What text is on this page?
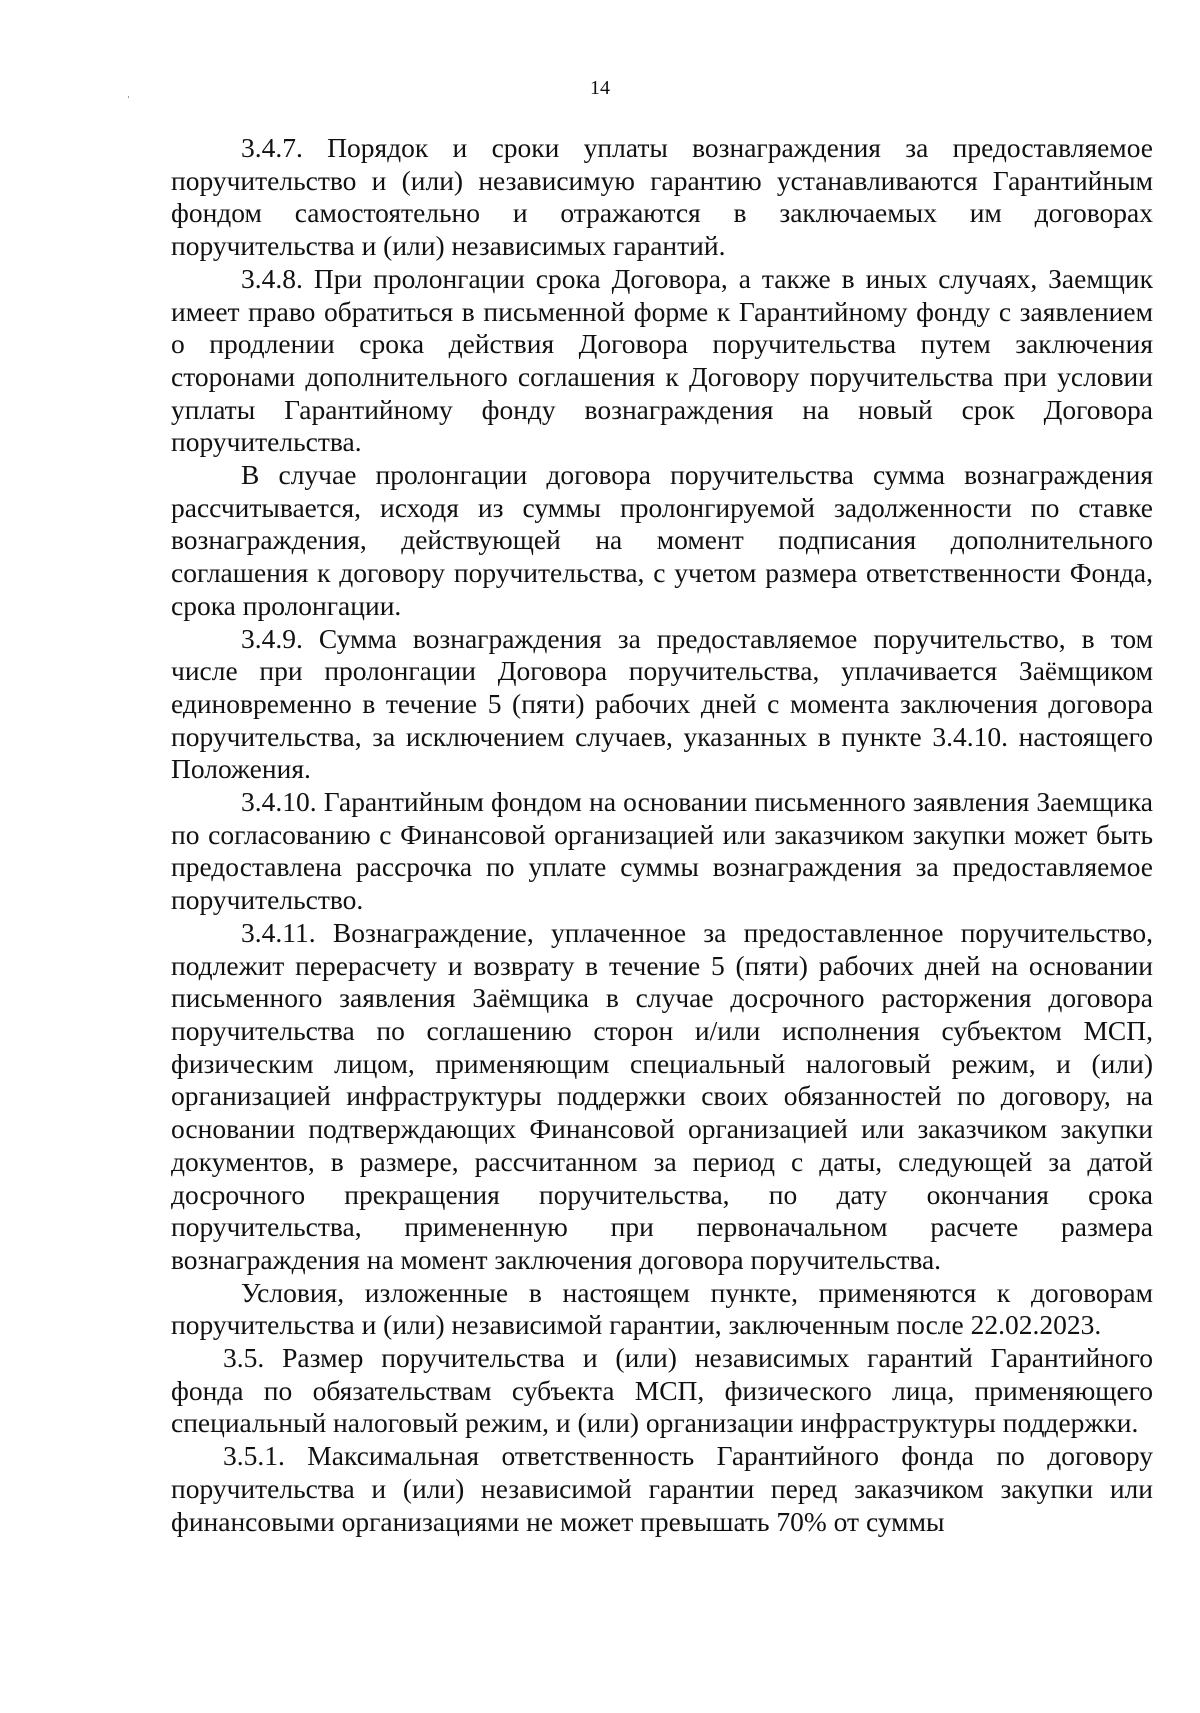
14

3.4.7. Порядок и сроки уплаты вознаграждения за предоставляемое поручительство и (или) независимую гарантию устанавливаются Гарантийным фондом самостоятельно и отражаются в заключаемых им договорах поручительства и (или) независимых гарантий.

3.4.8. При пролонгации срока Договора, а также в иных случаях, Заемщик имеет право обратиться в письменной форме к Гарантийному фонду с заявлением о продлении срока действия Договора поручительства путем заключения сторонами дополнительного соглашения к Договору поручительства при условии уплаты Гарантийному фонду вознаграждения на новый срок Договора поручительства.

В случае пролонгации договора поручительства сумма вознаграждения рассчитывается, исходя из суммы пролонгируемой задолженности по ставке вознаграждения, действующей на момент подписания дополнительного соглашения к договору поручительства, с учетом размера ответственности Фонда, срока пролонгации.

3.4.9. Сумма вознаграждения за предоставляемое поручительство, в том числе при пролонгации Договора поручительства, уплачивается Заёмщиком единовременно в течение 5 (пяти) рабочих дней с момента заключения договора поручительства, за исключением случаев, указанных в пункте 3.4.10. настоящего Положения.

3.4.10. Гарантийным фондом на основании письменного заявления Заемщика по согласованию с Финансовой организацией или заказчиком закупки может быть предоставлена рассрочка по уплате суммы вознаграждения за предоставляемое поручительство.

3.4.11. Вознаграждение, уплаченное за предоставленное поручительство, подлежит перерасчету и возврату в течение 5 (пяти) рабочих дней на основании письменного заявления Заёмщика в случае досрочного расторжения договора поручительства по соглашению сторон и/или исполнения субъектом МСП, физическим лицом, применяющим специальный налоговый режим, и (или) организацией инфраструктуры поддержки своих обязанностей по договору, на основании подтверждающих Финансовой организацией или заказчиком закупки документов, в размере, рассчитанном за период с даты, следующей за датой досрочного прекращения поручительства, по дату окончания срока поручительства, примененную при первоначальном расчете размера вознаграждения на момент заключения договора поручительства.

Условия, изложенные в настоящем пункте, применяются к договорам поручительства и (или) независимой гарантии, заключенным после 22.02.2023.

3.5. Размер поручительства и (или) независимых гарантий Гарантийного фонда по обязательствам субъекта МСП, физического лица, применяющего специальный налоговый режим, и (или) организации инфраструктуры поддержки.

3.5.1. Максимальная ответственность Гарантийного фонда по договору поручительства и (или) независимой гарантии перед заказчиком закупки или финансовыми организациями не может превышать 70% от суммы
